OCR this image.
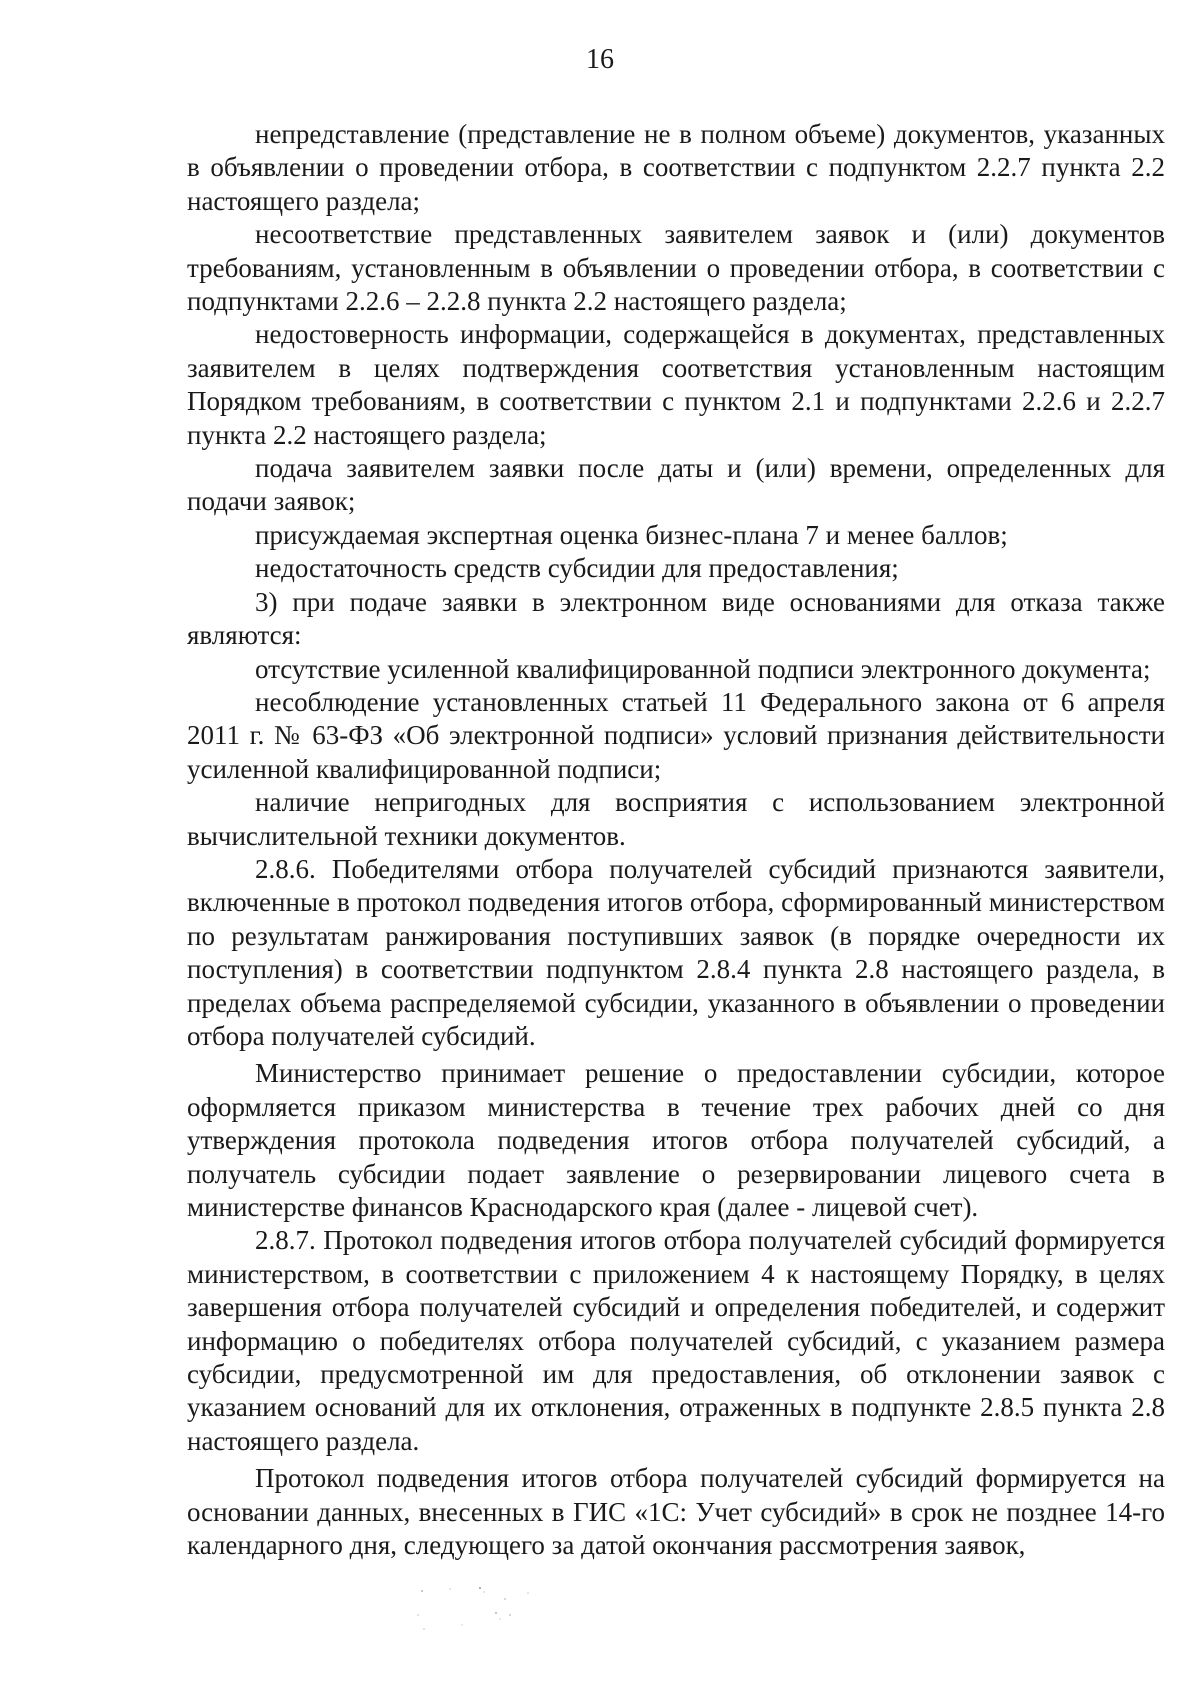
16

непредставление (представление не в полном объеме) документов, указанных в объявлении о проведении отбора, в соответствии с подпунктом 2.2.7 пункта 2.2 настоящего раздела;

несоответствие представленных заявителем заявок и (или) документов требованиям, установленным в объявлении о проведении отбора, в соответствии с подпунктами 2.2.6 – 2.2.8 пункта 2.2 настоящего раздела;

недостоверность информации, содержащейся в документах, представленных заявителем в целях подтверждения соответствия установленным настоящим Порядком требованиям, в соответствии с пунктом 2.1 и подпунктами 2.2.6 и 2.2.7 пункта 2.2 настоящего раздела;

подача заявителем заявки после даты и (или) времени, определенных для подачи заявок;

присуждаемая экспертная оценка бизнес-плана 7 и менее баллов;

недостаточность средств субсидии для предоставления;

3) при подаче заявки в электронном виде основаниями для отказа также являются:

отсутствие усиленной квалифицированной подписи электронного документа;

несоблюдение установленных статьей 11 Федерального закона от 6 апреля 2011 г. № 63-ФЗ «Об электронной подписи» условий признания действительности усиленной квалифицированной подписи;

наличие непригодных для восприятия с использованием электронной вычислительной техники документов.

2.8.6. Победителями отбора получателей субсидий признаются заявители, включенные в протокол подведения итогов отбора, сформированный министерством по результатам ранжирования поступивших заявок (в порядке очередности их поступления) в соответствии подпунктом 2.8.4 пункта 2.8 настоящего раздела, в пределах объема распределяемой субсидии, указанного в объявлении о проведении отбора получателей субсидий.

Министерство принимает решение о предоставлении субсидии, которое оформляется приказом министерства в течение трех рабочих дней со дня утверждения протокола подведения итогов отбора получателей субсидий, а получатель субсидии подает заявление о резервировании лицевого счета в министерстве финансов Краснодарского края (далее - лицевой счет).

2.8.7. Протокол подведения итогов отбора получателей субсидий формируется министерством, в соответствии с приложением 4 к настоящему Порядку, в целях завершения отбора получателей субсидий и определения победителей, и содержит информацию о победителях отбора получателей субсидий, с указанием размера субсидии, предусмотренной им для предоставления, об отклонении заявок с указанием оснований для их отклонения, отраженных в подпункте 2.8.5 пункта 2.8 настоящего раздела.

Протокол подведения итогов отбора получателей субсидий формируется на основании данных, внесенных в ГИС «1С: Учет субсидий» в срок не позднее 14-го календарного дня, следующего за датой окончания рассмотрения заявок,
